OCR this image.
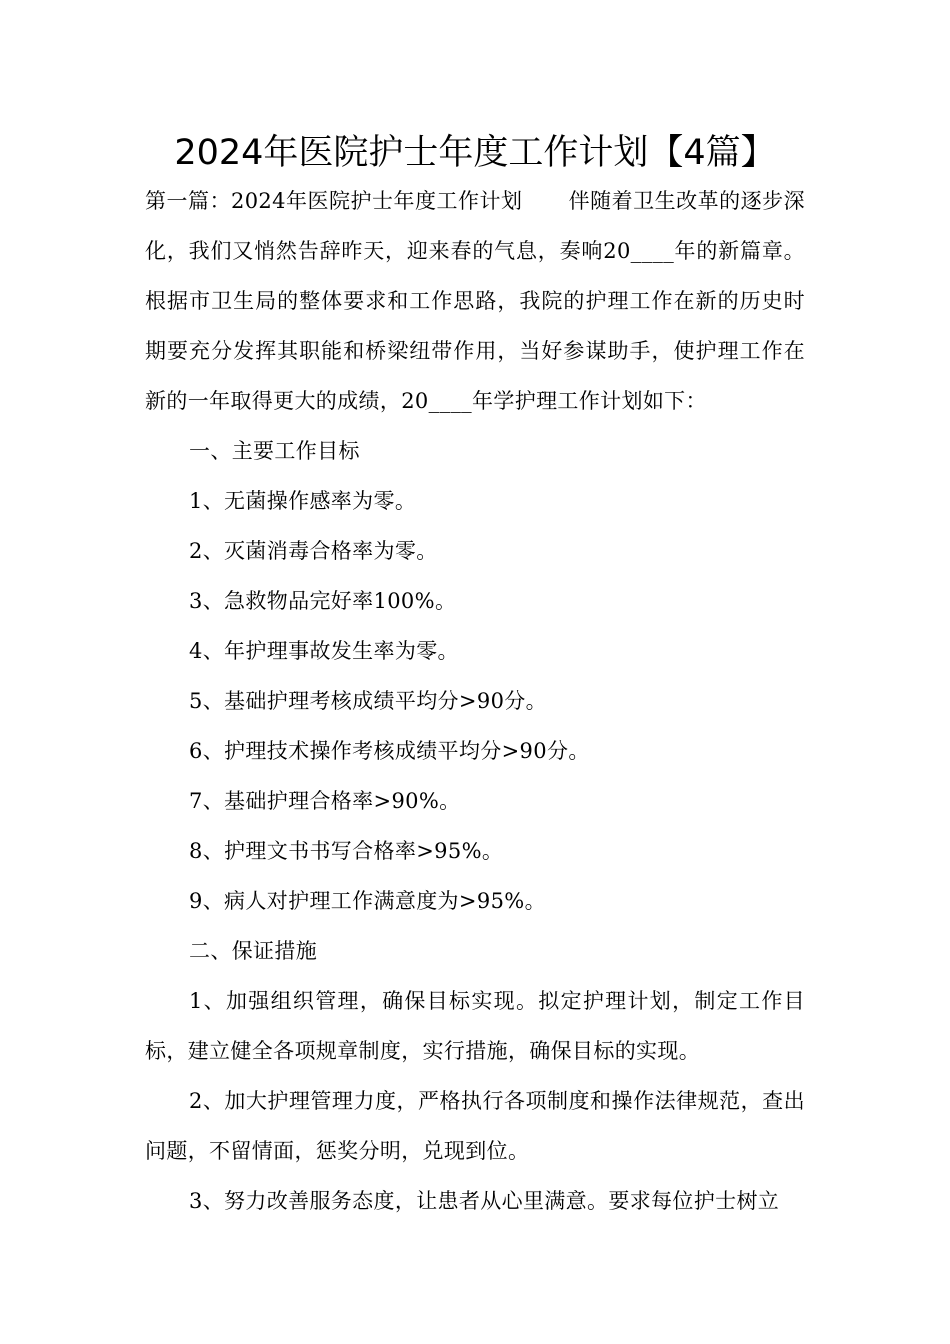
2024年医院护士年度工作计划【4篇】

第一篇：2024年医院护士年度工作计划 伴随着卫生改革的逐步深化，我们又悄然告辞昨天，迎来春的气息，奏响20____年的新篇章。根据市卫生局的整体要求和工作思路，我院的护理工作在新的历史时期要充分发挥其职能和桥梁纽带作用，当好参谋助手，使护理工作在新的一年取得更大的成绩，20____年学护理工作计划如下：

一、主要工作目标

1、无菌操作感率为零。

2、灭菌消毒合格率为零。

3、急救物品完好率100%。

4、年护理事故发生率为零。

5、基础护理考核成绩平均分>90分。

6、护理技术操作考核成绩平均分>90分。

7、基础护理合格率>90%。

8、护理文书书写合格率>95%。

9、病人对护理工作满意度为>95%。

二、保证措施

1、加强组织管理，确保目标实现。拟定护理计划，制定工作目标，建立健全各项规章制度，实行措施，确保目标的实现。

2、加大护理管理力度，严格执行各项制度和操作法律规范，查出问题，不留情面，惩奖分明，兑现到位。

3、努力改善服务态度，让患者从心里满意。要求每位护士树立
